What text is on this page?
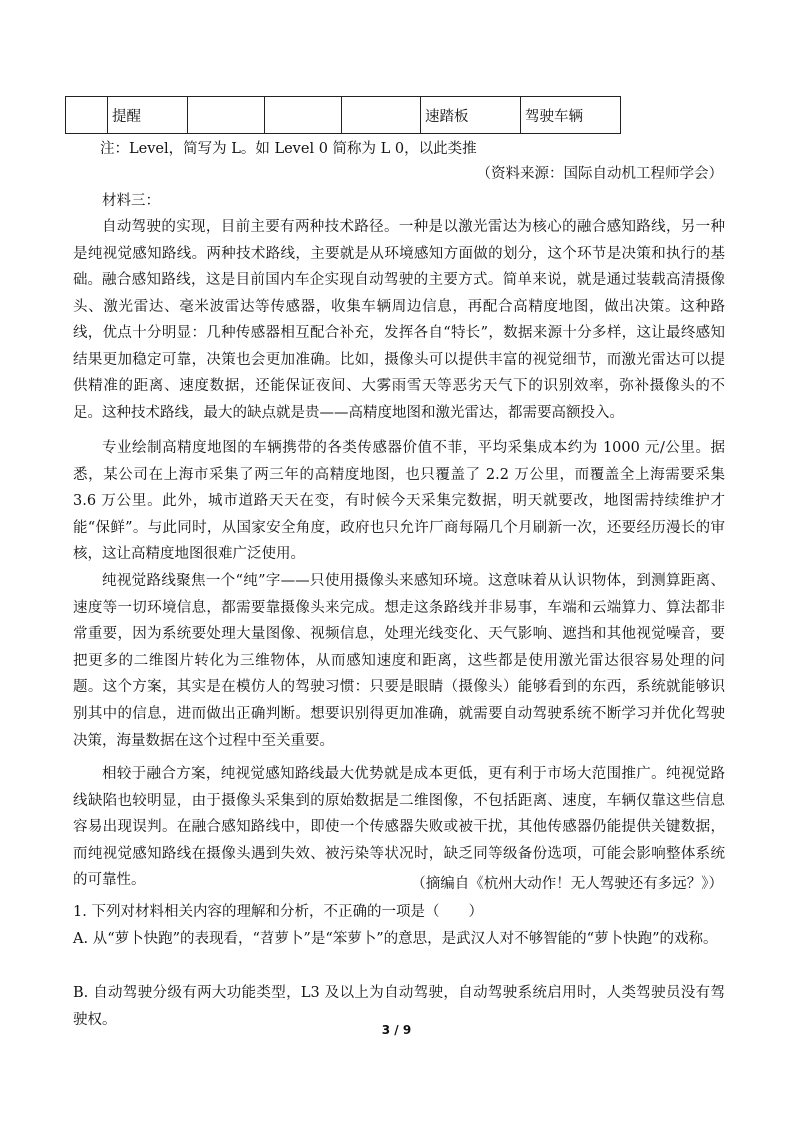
	提醒				速踏板	驾驶车辆
注：Level，简写为 L。如 Level 0 简称为 L 0，以此类推
（资料来源：国际自动机工程师学会）
材料三：
自动驾驶的实现，目前主要有两种技术路径。一种是以激光雷达为核心的融合感知路线，另一种是纯视觉感知路线。两种技术路线，主要就是从环境感知方面做的划分，这个环节是决策和执行的基础。 融合感知路线，这是目前国内车企实现自动驾驶的主要方式。简单来说，就是通过装载高清摄像头、激光雷达、毫米波雷达等传感器，收集车辆周边信息，再配合高精度地图，做出决策。这种路线，优点十分明显：几种传感器相互配合补充，发挥各自“特长”，数据来源十分多样，这让最终感知结果更加稳定可靠，决策也会更加准确。比如，摄像头可以提供丰富的视觉细节，而激光雷达可以提供精准的距离、速度数据，还能保证夜间、大雾雨雪天等恶劣天气下的识别效率，弥补摄像头的不足。这种技术路线，最大的缺点就是贵——高精度地图和激光雷达，都需要高额投入。
专业绘制高精度地图的车辆携带的各类传感器价值不菲，平均采集成本约为 1000 元/公里。据悉，某公司在上海市采集了两三年的高精度地图，也只覆盖了 2.2 万公里，而覆盖全上海需要采集 3.6 万公里。此外，城市道路天天在变，有时候今天采集完数据，明天就要改，地图需持续维护才能“保鲜”。与此同时，从国家安全角度，政府也只允许厂商每隔几个月刷新一次，还要经历漫长的审核，这让高精度地图很难广泛使用。
纯视觉路线聚焦一个“纯”字——只使用摄像头来感知环境。这意味着从认识物体，到测算距离、速度等一切环境信息，都需要靠摄像头来完成。想走这条路线并非易事，车端和云端算力、算法都非常重要，因为系统要处理大量图像、视频信息，处理光线变化、天气影响、遮挡和其他视觉噪音，要把更多的二维图片转化为三维物体，从而感知速度和距离，这些都是使用激光雷达很容易处理的问题。这个方案，其实是在模仿人的驾驶习惯：只要是眼睛（摄像头）能够看到的东西，系统就能够识别其中的信息，进而做出正确判断。想要识别得更加准确，就需要自动驾驶系统不断学习并优化驾驶决策，海量数据在这个过程中至关重要。
相较于融合方案，纯视觉感知路线最大优势就是成本更低，更有利于市场大范围推广。纯视觉路线缺陷也较明显，由于摄像头采集到的原始数据是二维图像，不包括距离、速度，车辆仅靠这些信息容易出现误判。在融合感知路线中，即使一个传感器失败或被干扰，其他传感器仍能提供关键数据，而纯视觉感知路线在摄像头遇到失效、被污染等状况时，缺乏同等级备份选项，可能会影响整体系统的可靠性。	（摘编自《杭州大动作！无人驾驶还有多远？》）
1. 下列对材料相关内容的理解和分析，不正确的一项是（　　）
A. 从“萝卜快跑”的表现看，“苕萝卜”是“笨萝卜”的意思，是武汉人对不够智能的“萝卜快跑”的戏称。
B. 自动驾驶分级有两大功能类型，L3 及以上为自动驾驶，自动驾驶系统启用时，人类驾驶员没有驾驶权。
3 / 9
